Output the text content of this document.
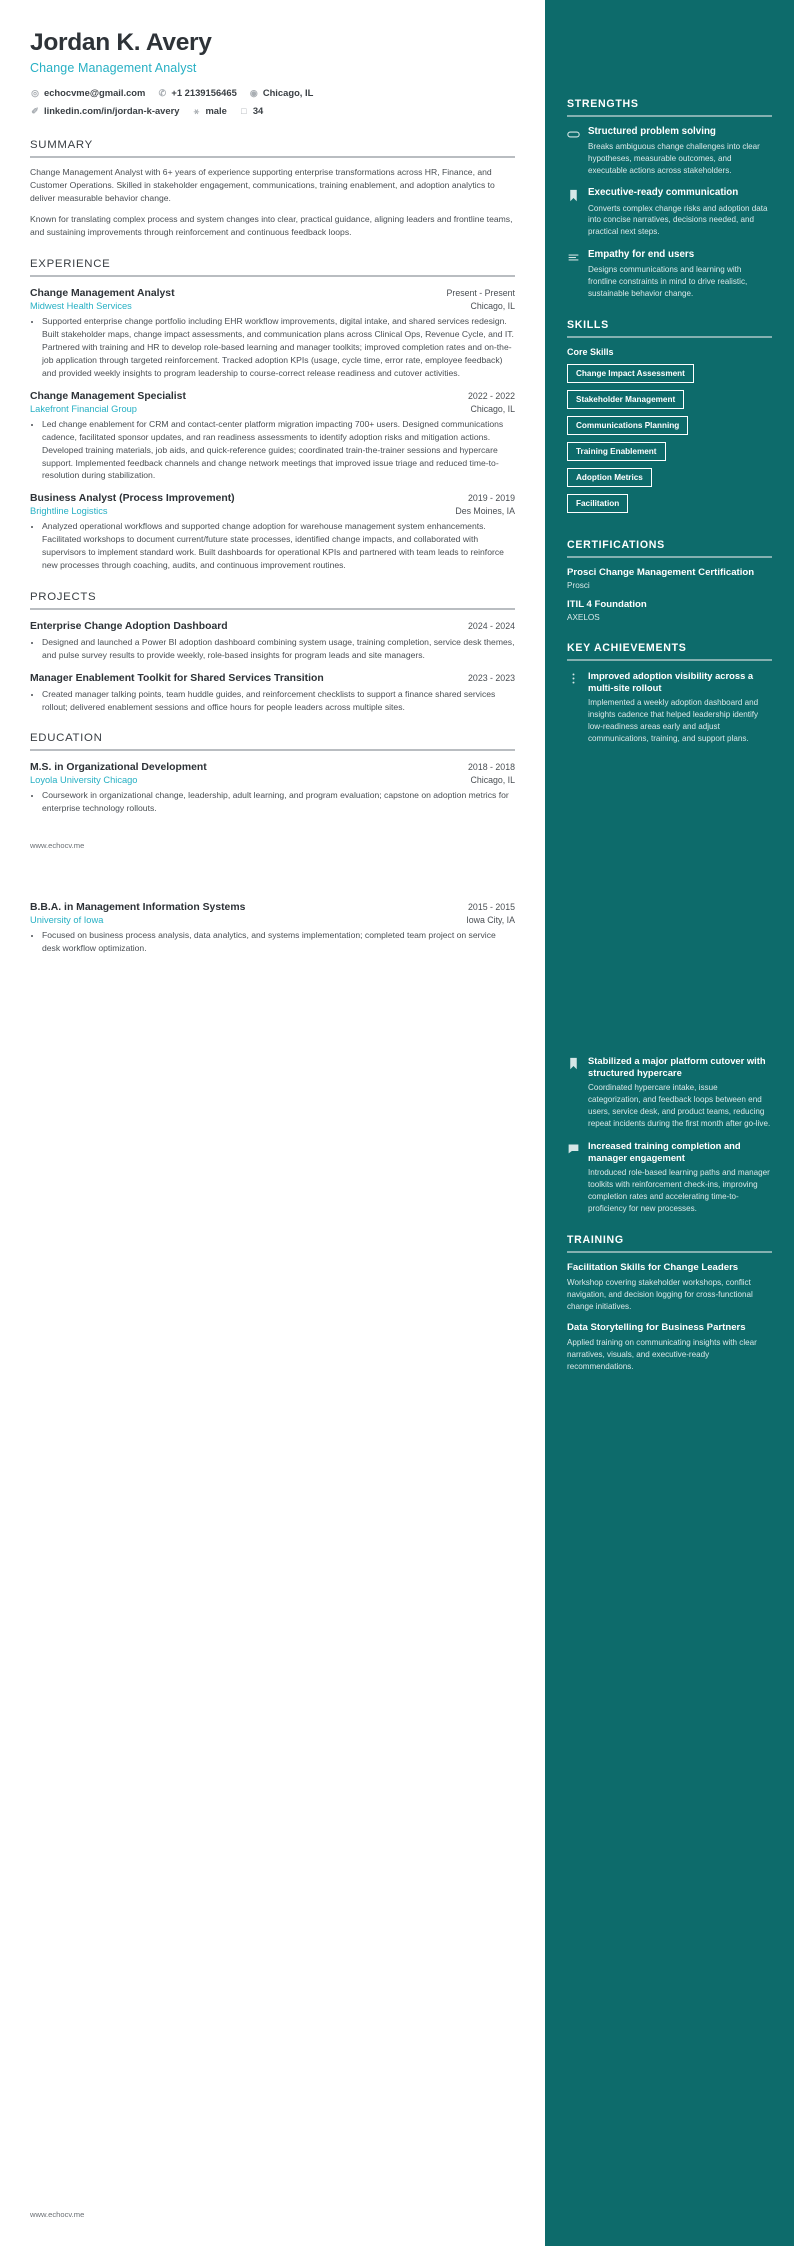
Jordan K. Avery
Change Management Analyst
◎ echocvme@gmail.com ✆ +1 2139156465 ◉ Chicago, IL
✐ linkedin.com/in/jordan-k-avery ⚹ male □ 34
SUMMARY

Change Management Analyst with 6+ years of experience supporting enterprise transformations across HR, Finance, and Customer Operations. Skilled in stakeholder engagement, communications, training enablement, and adoption analytics to deliver measurable behavior change.

Known for translating complex process and system changes into clear, practical guidance, aligning leaders and frontline teams, and sustaining improvements through reinforcement and continuous feedback loops.

EXPERIENCE
Change Management Analyst	Present - Present
Midwest Health Services	Chicago, IL
• Supported enterprise change portfolio including EHR workflow improvements, digital intake, and shared services redesign. Built stakeholder maps, change impact assessments, and communication plans across Clinical Ops, Revenue Cycle, and IT. Partnered with training and HR to develop role-based learning and manager toolkits; improved completion rates and on-the-job application through targeted reinforcement. Tracked adoption KPIs (usage, cycle time, error rate, employee feedback) and provided weekly insights to program leadership to course-correct release readiness and cutover activities.
Change Management Specialist	2022 - 2022
Lakefront Financial Group	Chicago, IL
• Led change enablement for CRM and contact-center platform migration impacting 700+ users. Designed communications cadence, facilitated sponsor updates, and ran readiness assessments to identify adoption risks and mitigation actions. Developed training materials, job aids, and quick-reference guides; coordinated train-the-trainer sessions and hypercare support. Implemented feedback channels and change network meetings that improved issue triage and reduced time-to-resolution during stabilization.
Business Analyst (Process Improvement)	2019 - 2019
Brightline Logistics	Des Moines, IA
• Analyzed operational workflows and supported change adoption for warehouse management system enhancements. Facilitated workshops to document current/future state processes, identified change impacts, and collaborated with supervisors to implement standard work. Built dashboards for operational KPIs and partnered with team leads to reinforce new processes through coaching, audits, and continuous improvement routines.
PROJECTS
Enterprise Change Adoption Dashboard	2024 - 2024
• Designed and launched a Power BI adoption dashboard combining system usage, training completion, service desk themes, and pulse survey results to provide weekly, role-based insights for program leads and site managers.
Manager Enablement Toolkit for Shared Services Transition	2023 - 2023
• Created manager talking points, team huddle guides, and reinforcement checklists to support a finance shared services rollout; delivered enablement sessions and office hours for people leaders across multiple sites.
EDUCATION
M.S. in Organizational Development	2018 - 2018
Loyola University Chicago	Chicago, IL
• Coursework in organizational change, leadership, adult learning, and program evaluation; capstone on adoption metrics for enterprise technology rollouts.
www.echocv.me
B.B.A. in Management Information Systems	2015 - 2015
University of Iowa	Iowa City, IA
• Focused on business process analysis, data analytics, and systems implementation; completed team project on service desk workflow optimization.
www.echocv.me
STRENGTHS
Structured problem solving
Breaks ambiguous change challenges into clear hypotheses, measurable outcomes, and executable actions across stakeholders.
Executive-ready communication
Converts complex change risks and adoption data into concise narratives, decisions needed, and practical next steps.
Empathy for end users
Designs communications and learning with frontline constraints in mind to drive realistic, sustainable behavior change.
SKILLS
Core Skills
Change Impact Assessment
Stakeholder Management
Communications Planning
Training Enablement
Adoption Metrics
Facilitation
CERTIFICATIONS
Prosci Change Management Certification
Prosci
ITIL 4 Foundation
AXELOS
KEY ACHIEVEMENTS
Improved adoption visibility across a multi-site rollout
Implemented a weekly adoption dashboard and insights cadence that helped leadership identify low-readiness areas early and adjust communications, training, and support plans.
Stabilized a major platform cutover with structured hypercare
Coordinated hypercare intake, issue categorization, and feedback loops between end users, service desk, and product teams, reducing repeat incidents during the first month after go-live.
Increased training completion and manager engagement
Introduced role-based learning paths and manager toolkits with reinforcement check-ins, improving completion rates and accelerating time-to-proficiency for new processes.
TRAINING
Facilitation Skills for Change Leaders
Workshop covering stakeholder workshops, conflict navigation, and decision logging for cross-functional change initiatives.
Data Storytelling for Business Partners
Applied training on communicating insights with clear narratives, visuals, and executive-ready recommendations.
